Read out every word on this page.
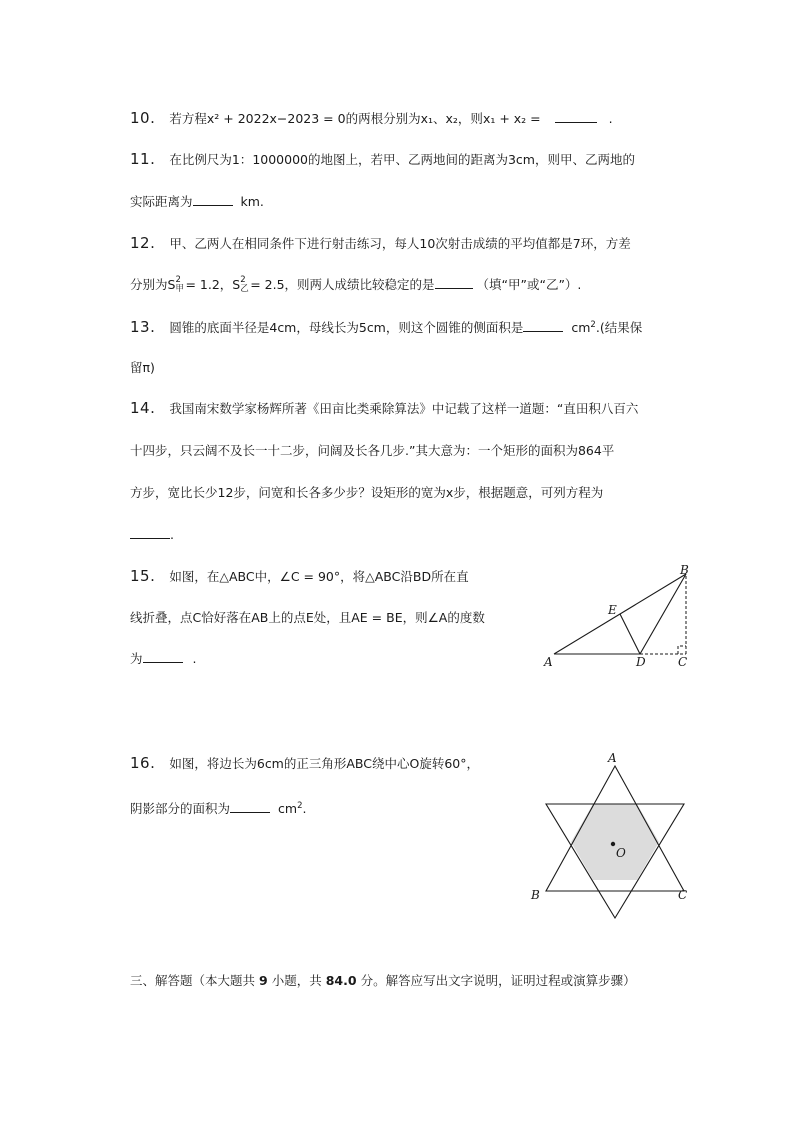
10. 若方程x² + 2022x−2023 = 0的两根分别为x₁、x₂，则x₁ + x₂ =	.
11. 在比例尺为1：1000000的地图上，若甲、乙两地间的距离为3cm，则甲、乙两地的
实际距离为	km.
12. 甲、乙两人在相同条件下进行射击练习，每人10次射击成绩的平均值都是7环，方差
分别为S 2
甲 = 1.2，S 2
乙 = 2.5，则两人成绩比较稳定的是	（填“甲”或“乙”）.
13. 圆锥的底面半径是4cm，母线长为5cm，则这个圆锥的侧面积是	$cm^2$.(结果保
留π)
14. 我国南宋数学家杨辉所著《田亩比类乘除算法》中记载了这样一道题：“直田积八百六
十四步，只云阔不及长一十二步，问阔及长各几步.”其大意为：一个矩形的面积为864平
方步，宽比长少12步，问宽和长各多少步？设矩形的宽为x步，根据题意，可列方程为
.
15. 如图，在△ABC中，∠C = 90°，将△ABC沿BD所在直
线折叠，点C恰好落在AB上的点E处，且AE = BE，则∠A的度数
为	.	A
B
C
D
E
16. 如图，将边长为6cm的正三角形ABC绕中心O旋转60°，
阴影部分的面积为	$cm^2$.
A
B	C
O
三、解答题（本大题共 9 小题，共 84.0 分。解答应写出文字说明，证明过程或演算步骤）
